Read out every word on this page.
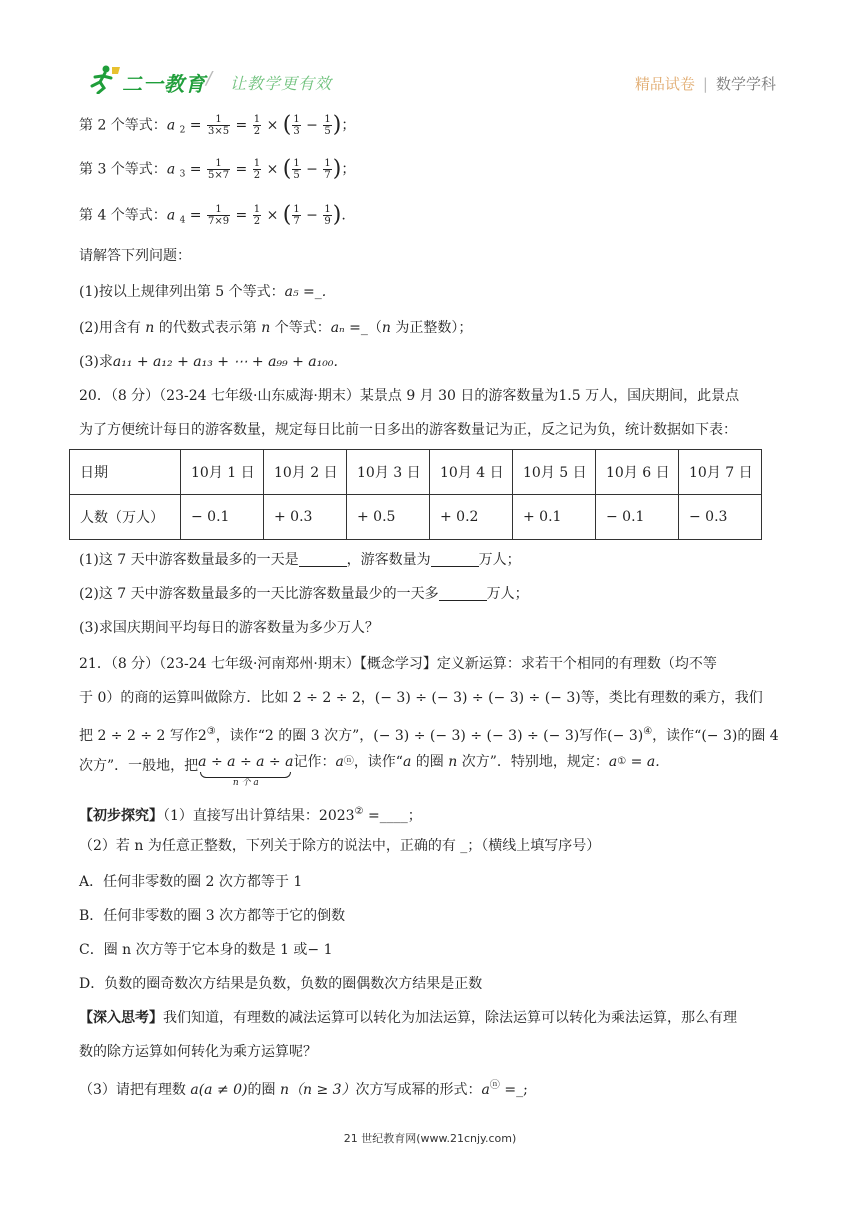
二一教育 / 让教学更有效	精品试卷 | 数学学科
第 2 个等式：a $_2 = \frac{1}{3\times 5} = \frac{1}{2}$ × ( $\frac{1}{3} - \frac{1}{5}$ )；
第 3 个等式：a $_3 = \frac{1}{5\times 7} = \frac{1}{2}$ × ( $\frac{1}{5} - \frac{1}{7}$ )；
第 4 个等式：a $_4 = \frac{1}{7\times 9} = \frac{1}{2}$ × ( $\frac{1}{7} - \frac{1}{9}$ ).
请解答下列问题：
(1)按以上规律列出第 5 个等式：a₅ =_.
(2)用含有 n 的代数式表示第 n 个等式：aₙ =_（n 为正整数）；
(3)求a₁₁ + a₁₂ + a₁₃ + ⋯ + a₉₉ + a₁₀₀.
20．（8 分）（23-24 七年级·山东威海·期末）某景点 9 月 30 日的游客数量为1.5 万人，国庆期间，此景点
为了方便统计每日的游客数量，规定每日比前一日多出的游客数量记为正，反之记为负，统计数据如下表：
日期	10月 1 日	10月 2 日	10月 3 日	10月 4 日	10月 5 日	10月 6 日	10月 7 日
人数（万人）	− 0.1	+ 0.3	+ 0.5	+ 0.2	+ 0.1	− 0.1	− 0.3
(1)这 7 天中游客数量最多的一天是	，游客数量为	万人；
(2)这 7 天中游客数量最多的一天比游客数量最少的一天多	万人；
(3)求国庆期间平均每日的游客数量为多少万人？
21．（8 分）（23-24 七年级·河南郑州·期末）【概念学习】定义新运算：求若干个相同的有理数（均不等
于 0）的商的运算叫做除方．比如 2 ÷ 2 ÷ 2，(− 3) ÷ (− 3) ÷ (− 3) ÷ (− 3)等，类比有理数的乘方，我们
把 2 ÷ 2 ÷ 2 写作2③，读作“2 的圈 3 次方”，(− 3) ÷ (− 3) ÷ (− 3) ÷ (− 3)写作(− 3)④，读作“(− 3)的圈 4
次方”．一般地，把 a ÷ a ÷ a ÷ a
n 个 a
记作：aⓝ，读作“a 的圈 n 次方”．特别地，规定：a① = a.
【初步探究】（1）直接写出计算结果：2023② =____；
（2）若 n 为任意正整数，下列关于除方的说法中，正确的有 _；（横线上填写序号）
A．任何非零数的圈 2 次方都等于 1
B．任何非零数的圈 3 次方都等于它的倒数
C．圈 n 次方等于它本身的数是 1 或− 1
D．负数的圈奇数次方结果是负数，负数的圈偶数次方结果是正数
【深入思考】我们知道，有理数的减法运算可以转化为加法运算，除法运算可以转化为乘法运算，那么有理
数的除方运算如何转化为乘方运算呢？
（3）请把有理数 a(a ≠ 0)的圈 n（n ≥ 3）次方写成幂的形式：aⓝ =_;
21 世纪教育网(www.21cnjy.com)
